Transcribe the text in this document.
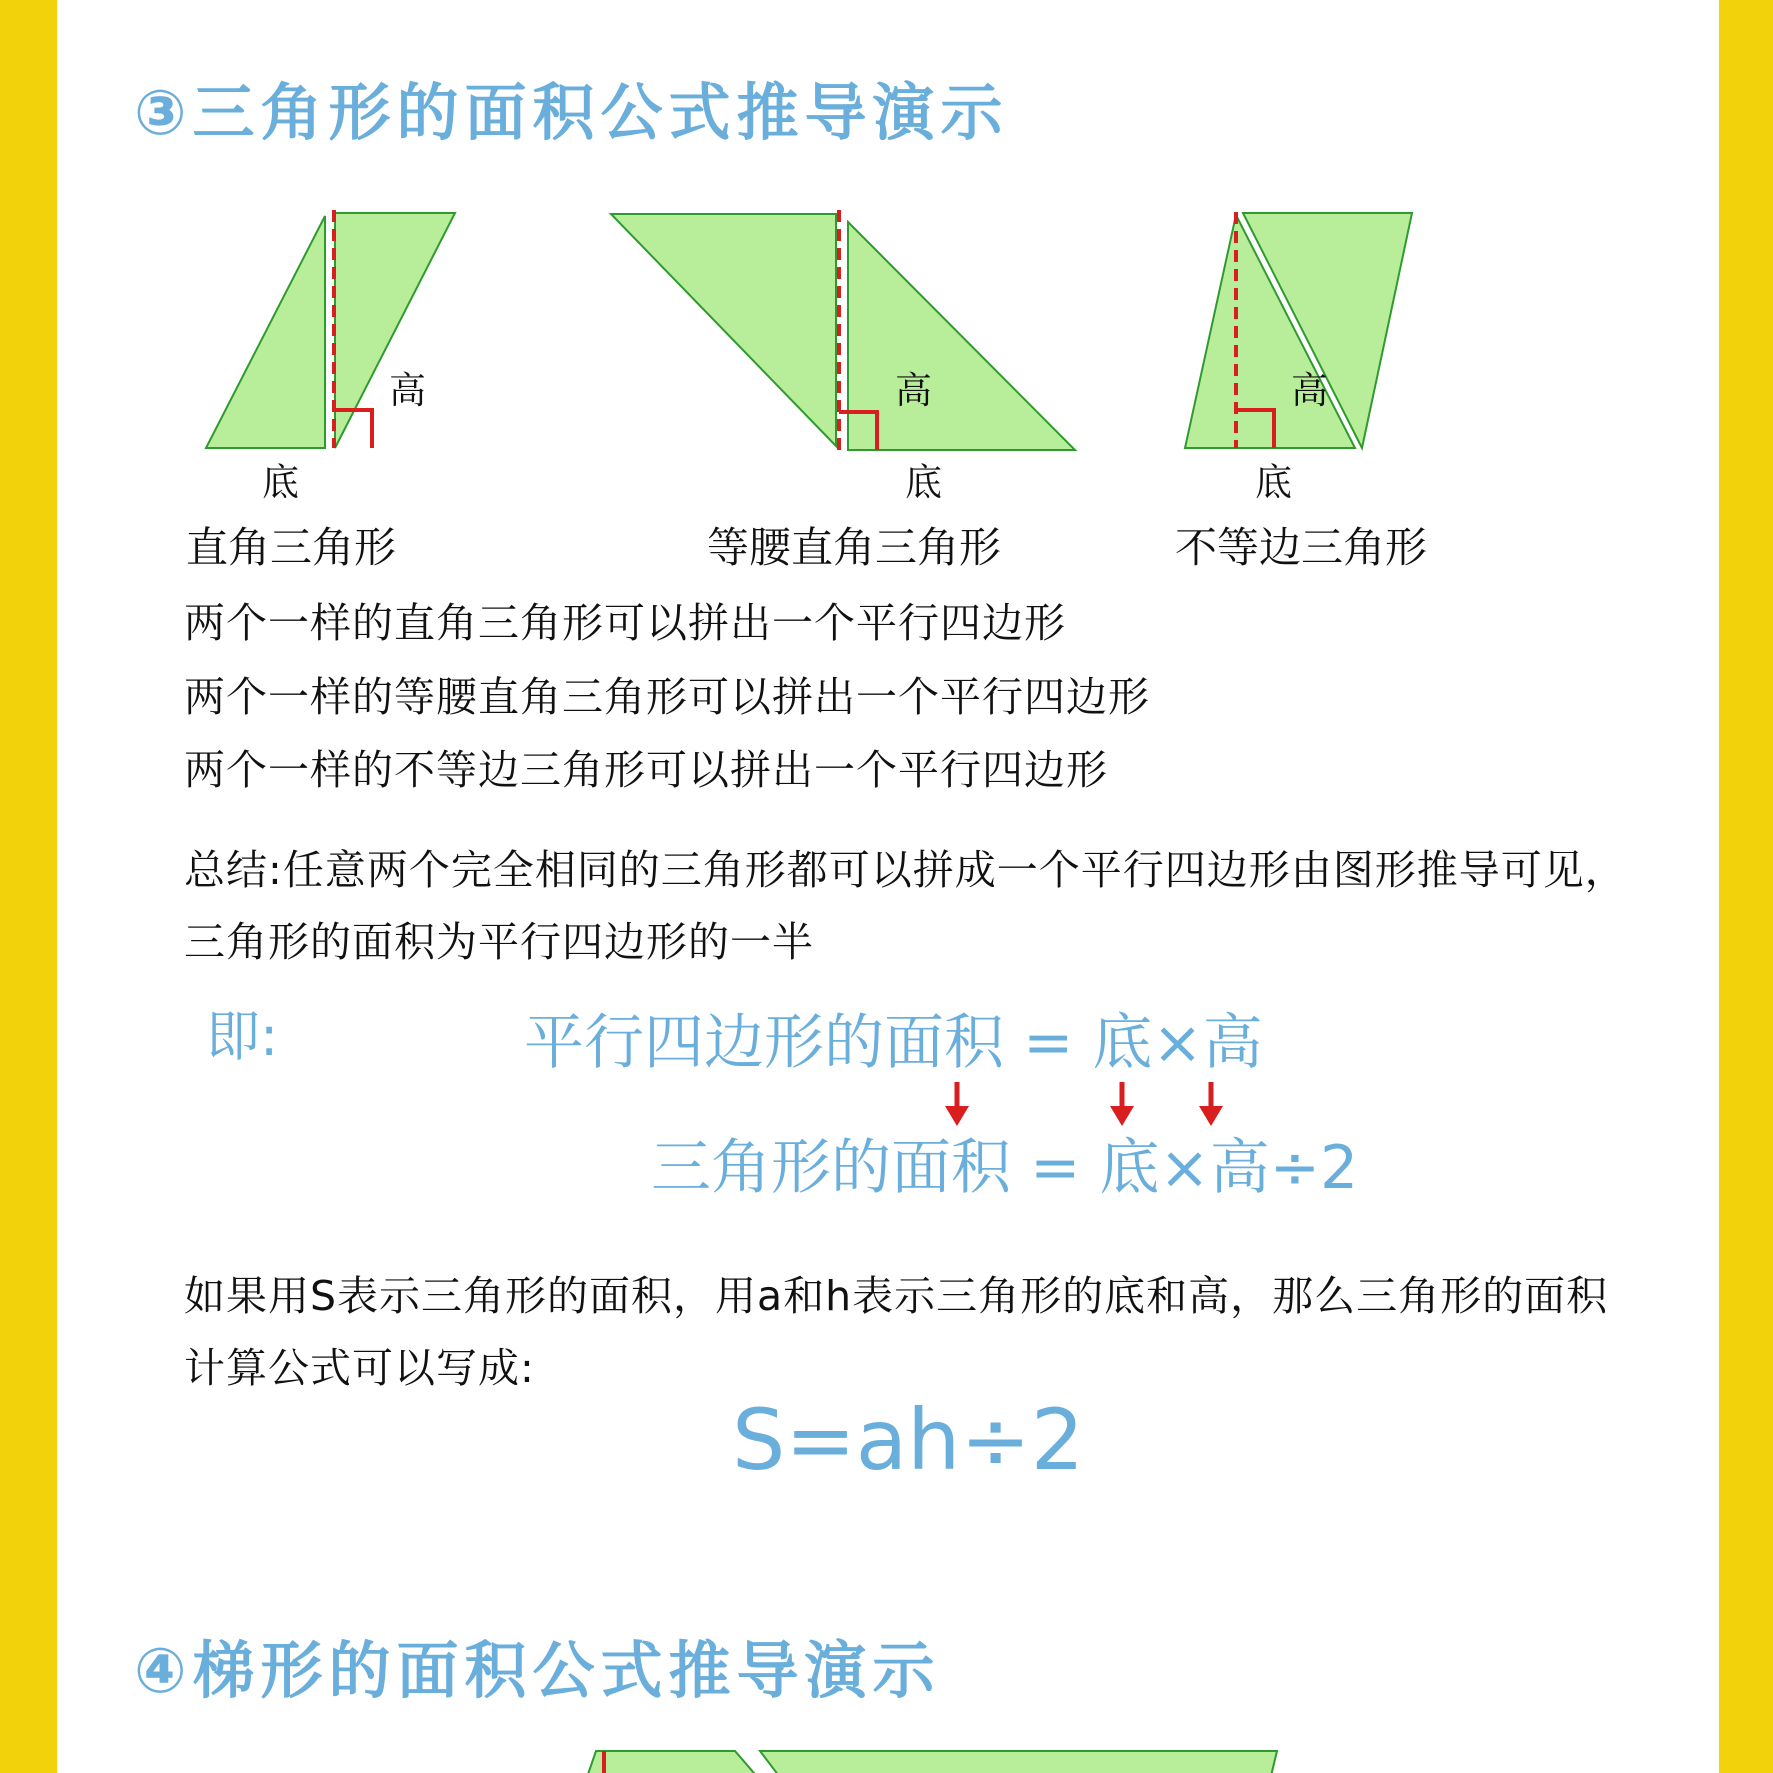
③三角形的面积公式推导演示
高
底
直角三角形
高
底
等腰直角三角形
高
底
不等边三角形
两个一样的直角三角形可以拼出一个平行四边形
两个一样的等腰直角三角形可以拼出一个平行四边形
两个一样的不等边三角形可以拼出一个平行四边形
总结:任意两个完全相同的三角形都可以拼成一个平行四边形由图形推导可见，三角形的面积为平行四边形的一半
即:	平行四边形的面积 = 底×高
三角形的面积 = 底×高÷2
如果用S表示三角形的面积，用a和h表示三角形的底和高，那么三角形的面积计算公式可以写成:
S=ah÷2
④梯形的面积公式推导演示
